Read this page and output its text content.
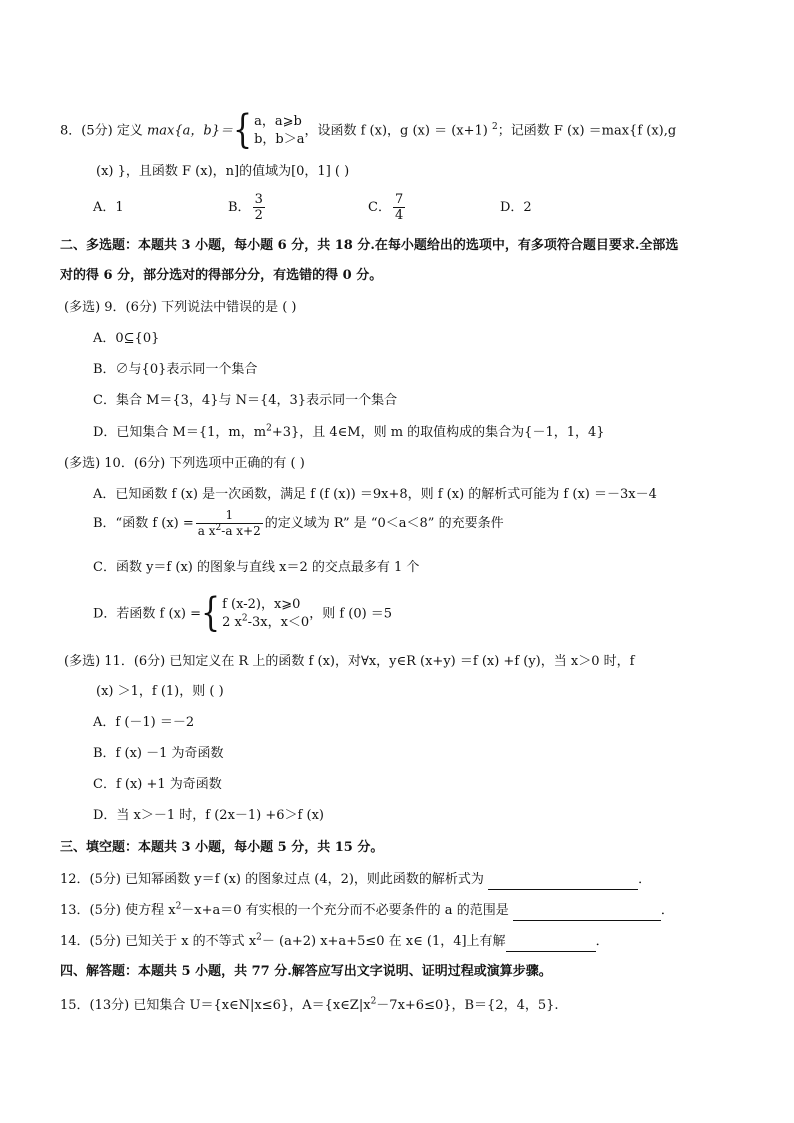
8．(5分) 定义 max{a，b}＝{ a，a⩾b
b，b＞a
，设函数 f (x)，g (x) ＝ (x+1) $^2$；记函数 F (x) ＝max{f (x),g
(x) }，且函数 F (x)，n]的值域为[0，1] ( )
A．1	B． $\frac{3}{2}$	C． $\frac{7}{4}$	D．2
二、多选题：本题共 3 小题，每小题 6 分，共 18 分.在每小题给出的选项中，有多项符合题目要求.全部选
对的得 6 分，部分选对的得部分分，有选错的得 0 分。
(多选) 9．(6分) 下列说法中错误的是 ( )
A．0⊆{0}
B．∅与{0}表示同一个集合
C．集合 M＝{3，4}与 N＝{4，3}表示同一个集合
D．已知集合 M＝{1，m，$m^2+3$}，且 4∈M，则 m 的取值构成的集合为{－1，1，4}
(多选) 10．(6分) 下列选项中正确的有 ( )
A．已知函数 f (x) 是一次函数，满足 f (f (x)) ＝9x+8，则 f (x) 的解析式可能为 f (x) ＝－3x－4
B．“函数 f $(x) = \frac{1}{a x^2-a x+2}$ 的定义域为 R” 是 “0＜a＜8” 的充要条件
C．函数 y＝f (x) 的图象与直线 x＝2 的交点最多有 1 个
D．若函数 f (x) ={ f (x-2)，x⩾0
2 $x^2-3x$，x＜0
，则 f (0) ＝5
(多选) 11．(6分) 已知定义在 R 上的函数 f (x)，对∀x，y∈R (x+y) ＝f (x) +f (y)，当 x＞0 时，f
(x) ＞1，f (1)，则 ( )
A．f (－1) ＝－2
B．f (x) －1 为奇函数
C．f (x) +1 为奇函数
D．当 x＞－1 时，f (2x－1) +6＞f (x)
三、填空题：本题共 3 小题，每小题 5 分，共 15 分。
12．(5分) 已知幂函数 y＝f (x) 的图象过点 (4，2)，则此函数的解析式为	．
13．(5分) 使方程 $x^2-x+a=0$ 有实根的一个充分而不必要条件的 a 的范围是	．
14．(5分) 已知关于 x 的不等式 $x^2- (a+2)$ x+a+5≤0 在 x∈ (1，4]上有解	．
四、解答题：本题共 5 小题，共 77 分.解答应写出文字说明、证明过程或演算步骤。
15．(13分) 已知集合 U＝{x∈N|x≤6}，$A=\{x\in Z|x^2-7x+6\le 0\}$，B＝{2，4，5}.
